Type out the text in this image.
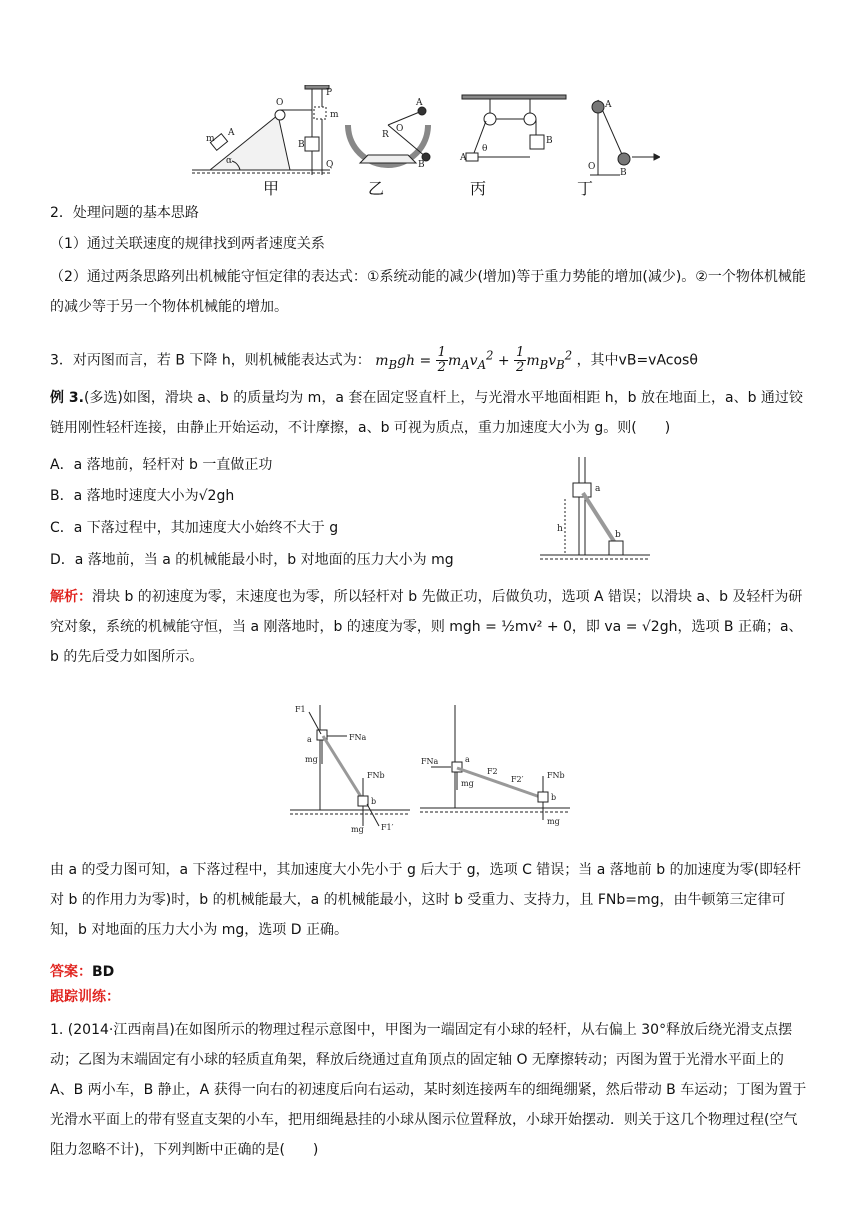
O
A
m
B
P
Q
m
α
A
B
O
R
A
B
θ
A
O
B
甲	乙	丙	丁
2．处理问题的基本思路
（1）通过关联速度的规律找到两者速度关系
（2）通过两条思路列出机械能守恒定律的表达式：①系统动能的减少(增加)等于重力势能的增加(减少)。②一个物体机械能的减少等于另一个物体机械能的增加。
3．对丙图而言，若 B 下降 h，则机械能表达式为： $m_Bgh = \frac{1}{2} m_Av_A^2 + \frac{1}{2} m_Bv_B^2$ ，其中vB=vAcosθ
例 3.(多选)如图，滑块 a、b 的质量均为 m，a 套在固定竖直杆上，与光滑水平地面相距 h，b 放在地面上，a、b 通过铰链用刚性轻杆连接，由静止开始运动，不计摩擦，a、b 可视为质点，重力加速度大小为 g。则(　　)
A．a 落地前，轻杆对 b 一直做正功
B．a 落地时速度大小为√2gh
C．a 下落过程中，其加速度大小始终不大于 g
D．a 落地前，当 a 的机械能最小时，b 对地面的压力大小为 mg
a
h
b
解析：滑块 b 的初速度为零，末速度也为零，所以轻杆对 b 先做正功，后做负功，选项 A 错误；以滑块 a、b 及轻杆为研究对象，系统的机械能守恒，当 a 刚落地时，b 的速度为零，则 mgh = ½mv² + 0，即 va = √2gh，选项 B 正确；a、b 的先后受力如图所示。
F1
a	FNa
mg
FNb
b
mg F1′
FNa	a
F2
F2′	FNb
mg
b
mg
由 a 的受力图可知，a 下落过程中，其加速度大小先小于 g 后大于 g，选项 C 错误；当 a 落地前 b 的加速度为零(即轻杆对 b 的作用力为零)时，b 的机械能最大，a 的机械能最小，这时 b 受重力、支持力，且 FNb=mg，由牛顿第三定律可知，b 对地面的压力大小为 mg，选项 D 正确。
答案：BD
跟踪训练：
1. (2014·江西南昌)在如图所示的物理过程示意图中，甲图为一端固定有小球的轻杆，从右偏上 30°释放后绕光滑支点摆动；乙图为末端固定有小球的轻质直角架，释放后绕通过直角顶点的固定轴 O 无摩擦转动；丙图为置于光滑水平面上的 A、B 两小车，B 静止，A 获得一向右的初速度后向右运动，某时刻连接两车的细绳绷紧，然后带动 B 车运动；丁图为置于光滑水平面上的带有竖直支架的小车，把用细绳悬挂的小球从图示位置释放，小球开始摆动．则关于这几个物理过程(空气阻力忽略不计)，下列判断中正确的是(　　)
